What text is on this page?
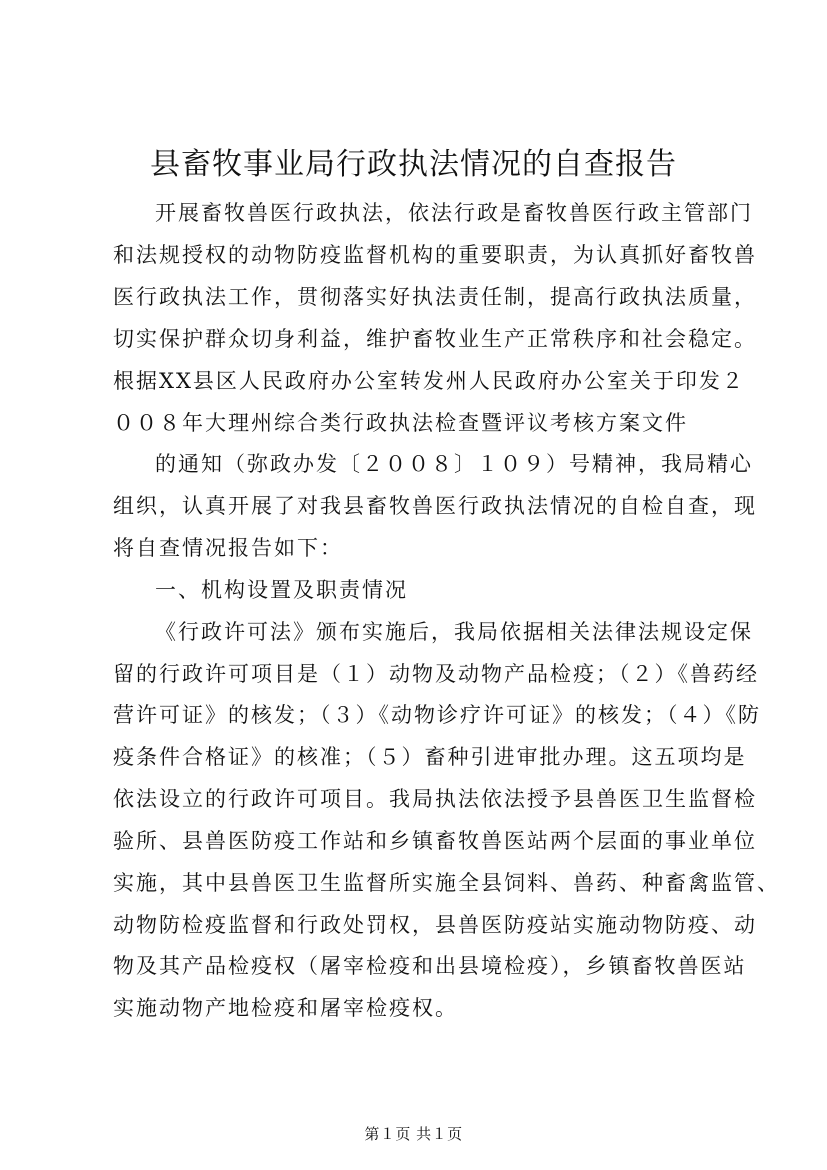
县畜牧事业局行政执法情况的自查报告
开展畜牧兽医行政执法，依法行政是畜牧兽医行政主管部门
和法规授权的动物防疫监督机构的重要职责，为认真抓好畜牧兽
医行政执法工作，贯彻落实好执法责任制，提高行政执法质量，
切实保护群众切身利益，维护畜牧业生产正常秩序和社会稳定。
根据XX县区人民政府办公室转发州人民政府办公室关于印发２
００８年大理州综合类行政执法检查暨评议考核方案文件
的通知（弥政办发〔２００８〕１０９）号精神，我局精心
组织，认真开展了对我县畜牧兽医行政执法情况的自检自查，现
将自查情况报告如下：
一、机构设置及职责情况
《行政许可法》颁布实施后，我局依据相关法律法规设定保
留的行政许可项目是（１）动物及动物产品检疫；（２）《兽药经
营许可证》的核发；（３）《动物诊疗许可证》的核发；（４）《防
疫条件合格证》的核准；（５）畜种引进审批办理。这五项均是
依法设立的行政许可项目。我局执法依法授予县兽医卫生监督检
验所、县兽医防疫工作站和乡镇畜牧兽医站两个层面的事业单位
实施，其中县兽医卫生监督所实施全县饲料、兽药、种畜禽监管、
动物防检疫监督和行政处罚权，县兽医防疫站实施动物防疫、动
物及其产品检疫权（屠宰检疫和出县境检疫），乡镇畜牧兽医站
实施动物产地检疫和屠宰检疫权。
第１页 共１页
